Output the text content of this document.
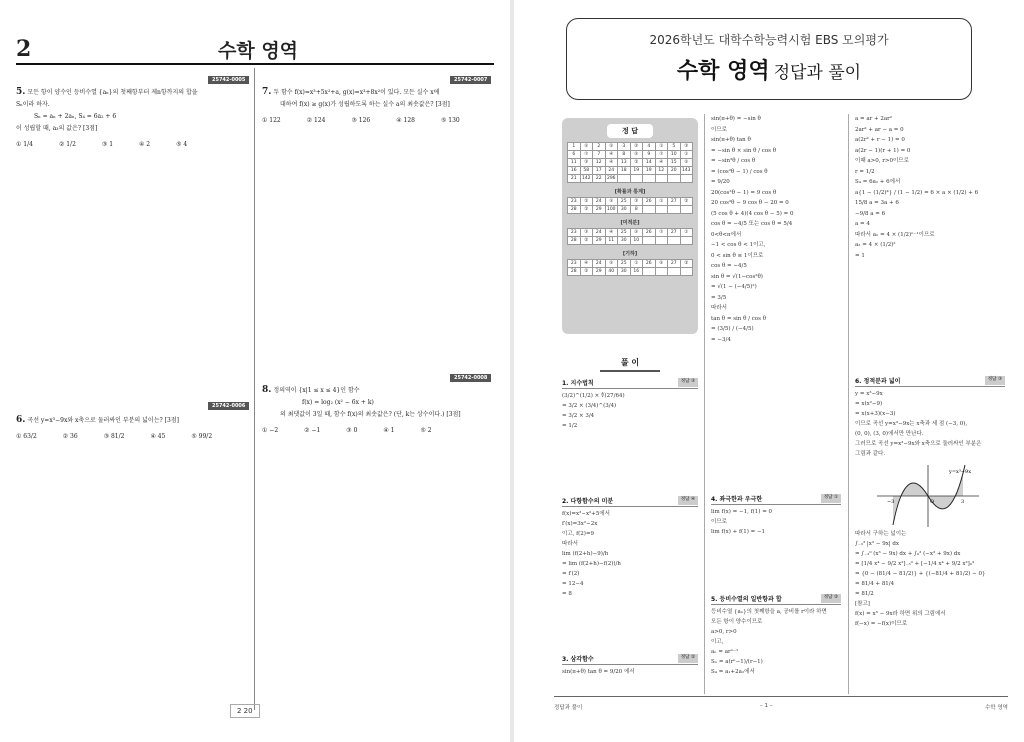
2	수학 영역
25742-0005
5. 모든 항이 양수인 등비수열 {aₙ}의 첫째항부터 제n항까지의 합을
Sₙ이라 하자.
Sₙ = aₙ + 2aₙ, S₄ = 6a₂ + 6
이 성립할 때, a₃의 값은? [3점]
① 1/4	② 1/2	③ 1	④ 2	⑤ 4
25742-0007
7. 두 함수 f(x)=x³+5x²+a, g(x)=x³+8x²이 있다. 모든 실수 x에
대하여 f(x) ≥ g(x)가 성립하도록 하는 실수 a의 최솟값은? [3점]
① 122	② 124	③ 126	④ 128	⑤ 130
25742-0006
6. 곡선 y=x³−9x와 x축으로 둘러싸인 부분의 넓이는? [3점]
① 63/2	② 36	③ 81/2	④ 45	⑤ 99/2
25742-0008
8. 정의역이 {x|1 ≤ x ≤ 4}인 함수
f(x) = log₂ (x² − 6x + k)
의 최댓값이 3일 때, 함수 f(x)의 최솟값은? (단, k는 상수이다.) [3점]
① −2	② −1	③ 0	④ 1	⑤ 2
2 20
2026학년도 대학수학능력시험 EBS 모의평가
수학 영역 정답과 풀이
정 답
1	⑤	2	⑤	3	②	4	①	5	③
6	⑦	7	④	8	⑤	9	⑦	10	①
11	③	12	④	13	②	14	④	15	⑤
16	58	17	24	18	19	19	12	20	143
21	142	22	296						
[확률과 통계]
23	②	24	⑤	25	③	26	①	27	②
28	②	29	100	30	8				
[미적분]
23	③	24	④	25	⑤	26	⑦	27	①
28	②	29	11	30	10				
[기하]
23	④	24	⑤	25	①	26	⑤	27	②
28	②	29	40	30	16				
풀 이
1. 지수법칙	정답 ③
(3/2)^(1/2) × ∜(27/64)
= 3/2 × (3/4)^(3/4)
= 3/2 × 3/4
= 1/2
2. 다항함수의 미분	정답 ④
f(x)=x³−x²+5에서
f′(x)=3x²−2x
이고, f(2)=9
따라서
lim (f(2+h)−9)/h
= lim (f(2+h)−f(2))/h
= f′(2)
= 12−4
= 8
3. 삼각함수	정답 ②
sin(π+θ) tan θ = 9/20 에서
sin(π+θ) = −sin θ
이므로
sin(π+θ) tan θ
= −sin θ × sin θ / cos θ
= −sin²θ / cos θ
= (cos²θ − 1) / cos θ
= 9/20
20(cos²θ − 1) = 9 cos θ
20 cos²θ − 9 cos θ − 20 = 0
(5 cos θ + 4)(4 cos θ − 5) = 0
cos θ = −4/5 또는 cos θ = 5/4
0<θ<π에서
−1 < cos θ < 1이고,
0 < sin θ ≤ 1이므로
cos θ = −4/5
sin θ = √(1−cos²θ)
= √(1 − (−4/5)²)
= 3/5
따라서
tan θ = sin θ / cos θ
= (3/5) / (−4/5)
= −3/4
4. 좌극한과 우극한	정답 ①
lim f(x) = −1, f(1) = 0
이므로
lim f(x) + f(1) = −1
5. 등비수열의 일반항과 합	정답 ②
등비수열 {aₙ}의 첫째항을 a, 공비를 r이라 하면
모든 항이 양수이므로
a>0, r>0
이고,
aₙ = arⁿ⁻¹
Sₙ = a(rⁿ−1)/(r−1)
S₄ = a₁+2a₂에서
a = ar + 2ar²
2ar² + ar − a = 0
a(2r² + r − 1) = 0
a(2r − 1)(r + 1) = 0
이때 a>0, r>0이므로
r = 1/2
S₄ = 6a₂ + 6에서
a{1 − (1/2)⁴} / (1 − 1/2) = 6 × a × (1/2) + 6
15/8 a = 3a + 6
−9/8 a = 6
a = 4
따라서 aₙ = 4 × (1/2)ⁿ⁻¹이므로
a₃ = 4 × (1/2)²
= 1
6. 정적분과 넓이	정답 ③
y = x³−9x
= x(x²−9)
= x(x+3)(x−3)
이므로 곡선 y=x³−9x는 x축과 세 점 (−3, 0),
(0, 0), (3, 0)에서만 만난다.
그러므로 곡선 y=x³−9x와 x축으로 둘러싸인 부분은
그림과 같다.
y=x³−9x
−3	O	3
따라서 구하는 넓이는
∫₋₃³ |x³ − 9x| dx
= ∫₋₃⁰ (x³ − 9x) dx + ∫₀³ (−x³ + 9x) dx
= [1/4 x⁴ − 9/2 x²]₋₃⁰ + [−1/4 x⁴ + 9/2 x²]₀³
= {0 − (81/4 − 81/2)} + {(−81/4 + 81/2) − 0}
= 81/4 + 81/4
= 81/2
[참고]
f(x) = x³ − 9x라 하면 위의 그림에서
f(−x) = −f(x)이므로
정답과 풀이	– 1 –	수학 영역
